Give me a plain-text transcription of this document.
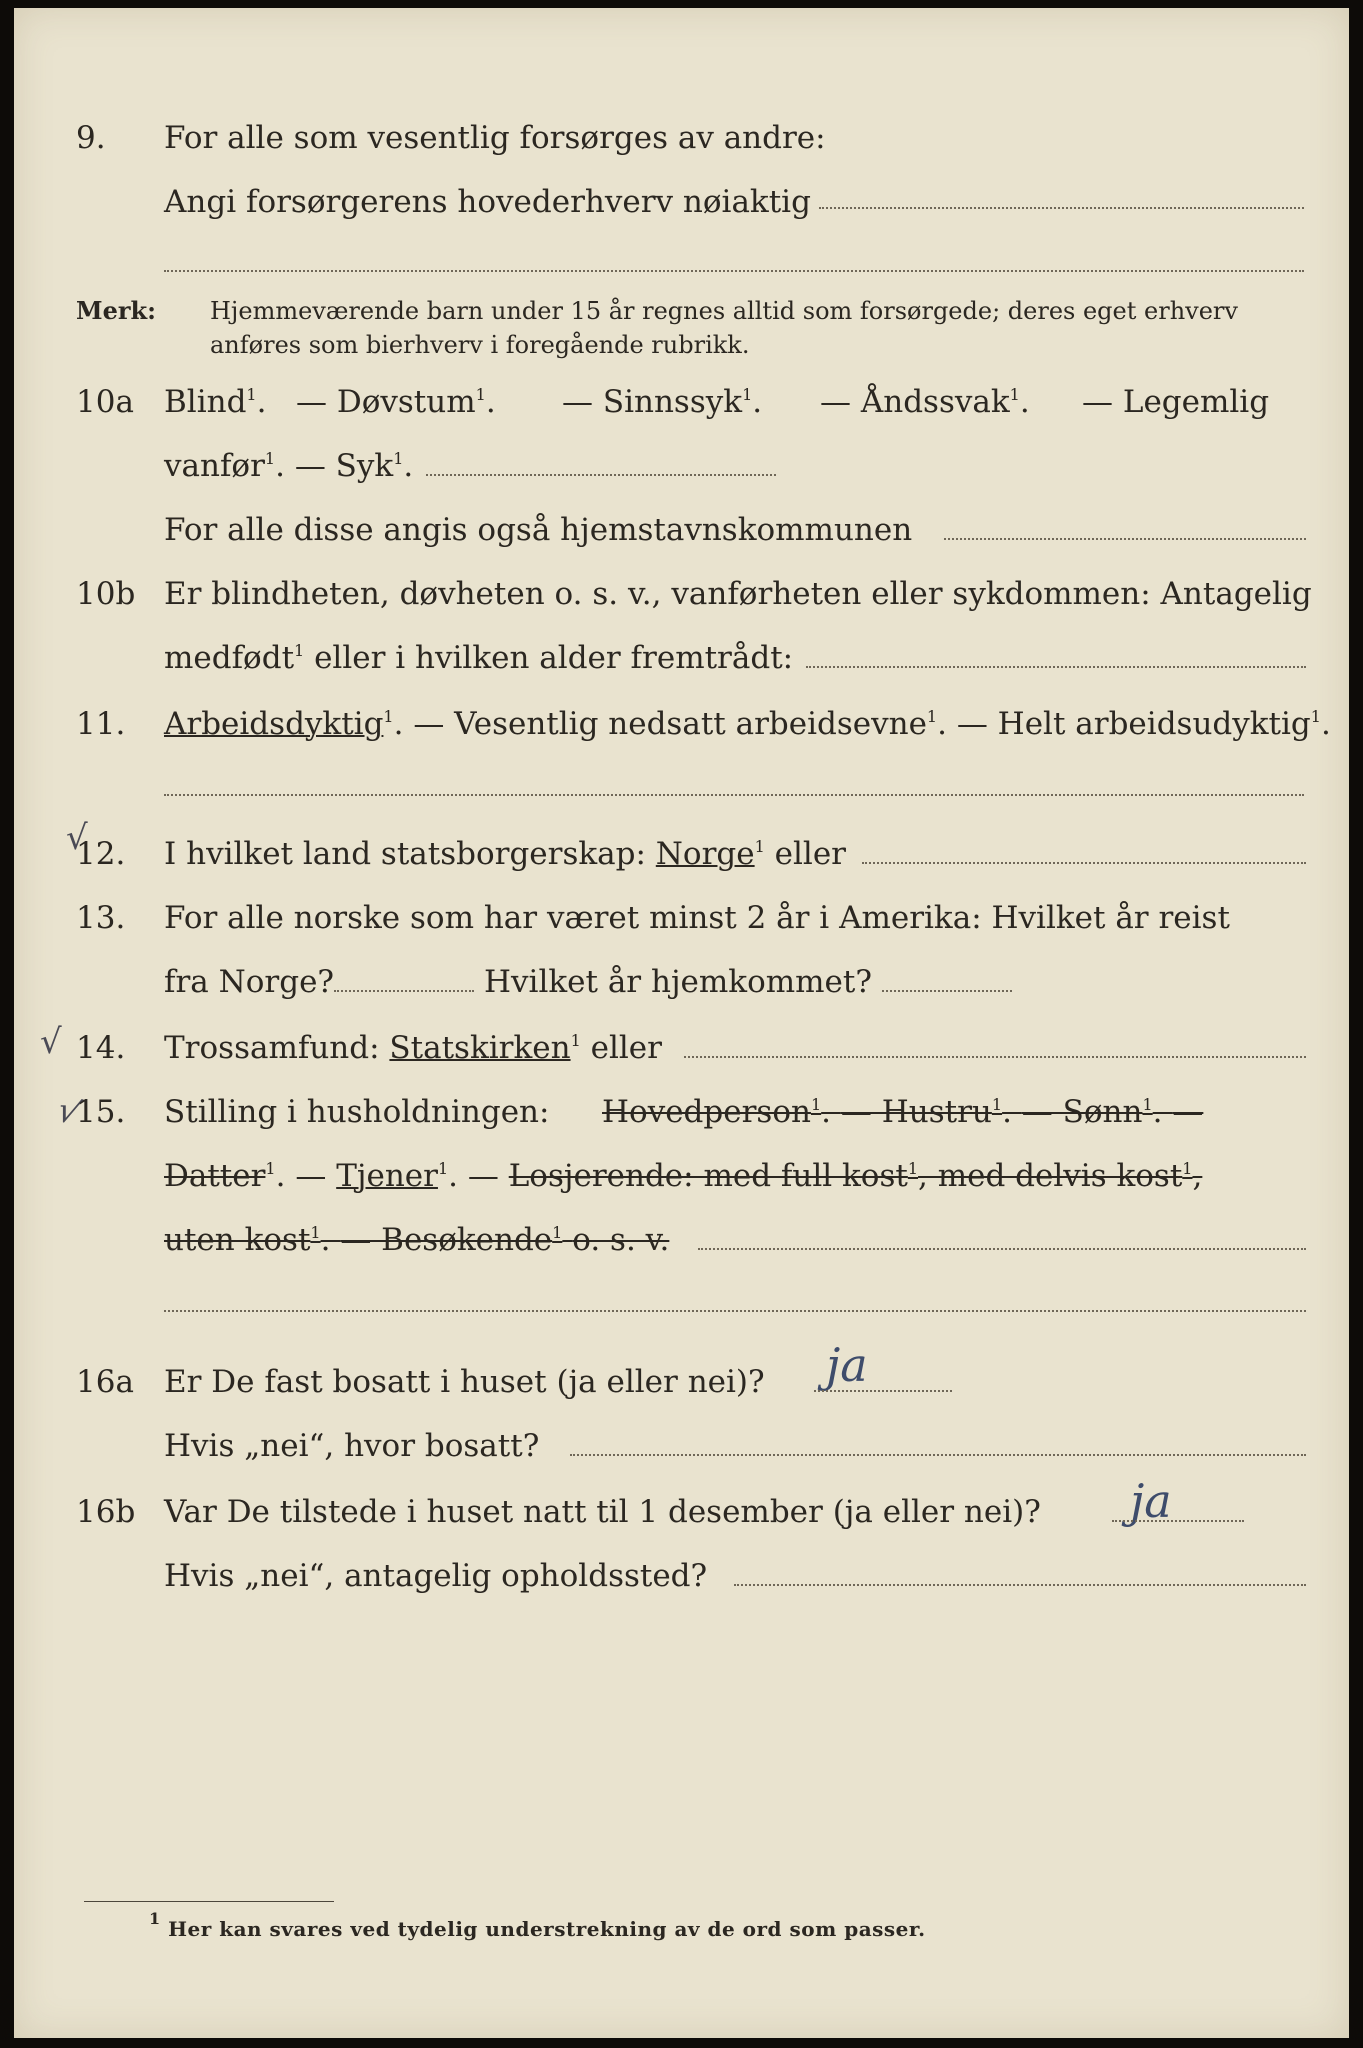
9. For alle som vesentlig forsørges av andre:
Angi forsørgerens hovederhverv nøiaktig
Merk: Hjemmeværende barn under 15 år regnes alltid som forsørgede; deres eget erhverv
anføres som bierhverv i foregående rubrikk.
10a Blind$^1$. — Døvstum$^1$. — Sinnssyk$^1$. — Åndssvak$^1$. — Legemlig
vanfør$^1$. — Syk$^1$.
For alle disse angis også hjemstavnskommunen
10b Er blindheten, døvheten o. s. v., vanførheten eller sykdommen: Antagelig
medfødt$^1$ eller i hvilken alder fremtrådt:
11. Arbeidsdyktig$^1$. — Vesentlig nedsatt arbeidsevne$^1$. — Helt arbeidsudyktig$^1$.
√
12. I hvilket land statsborgerskap: Norge$^1$ eller
13. For alle norske som har været minst 2 år i Amerika: Hvilket år reist
fra Norge?	Hvilket år hjemkommet?
√ 14. Trossamfund: Statskirken$^1$ eller
√
15. Stilling i husholdningen: Hovedperson$^1$. — Hustru$^1$. — Sønn$^1$. —
Datter$^1$. — Tjener$^1$. — Losjerende: med full kost$^1$, med delvis kost$^1$,
uten kost$^1$. — Besøkende$^1$ o. s. v.
16a Er De fast bosatt i huset (ja eller nei)? ja
Hvis „nei“, hvor bosatt?
16b Var De tilstede i huset natt til 1 desember (ja eller nei)? ja
Hvis „nei“, antagelig opholdssted?
$^1$ Her kan svares ved tydelig understrekning av de ord som passer.
